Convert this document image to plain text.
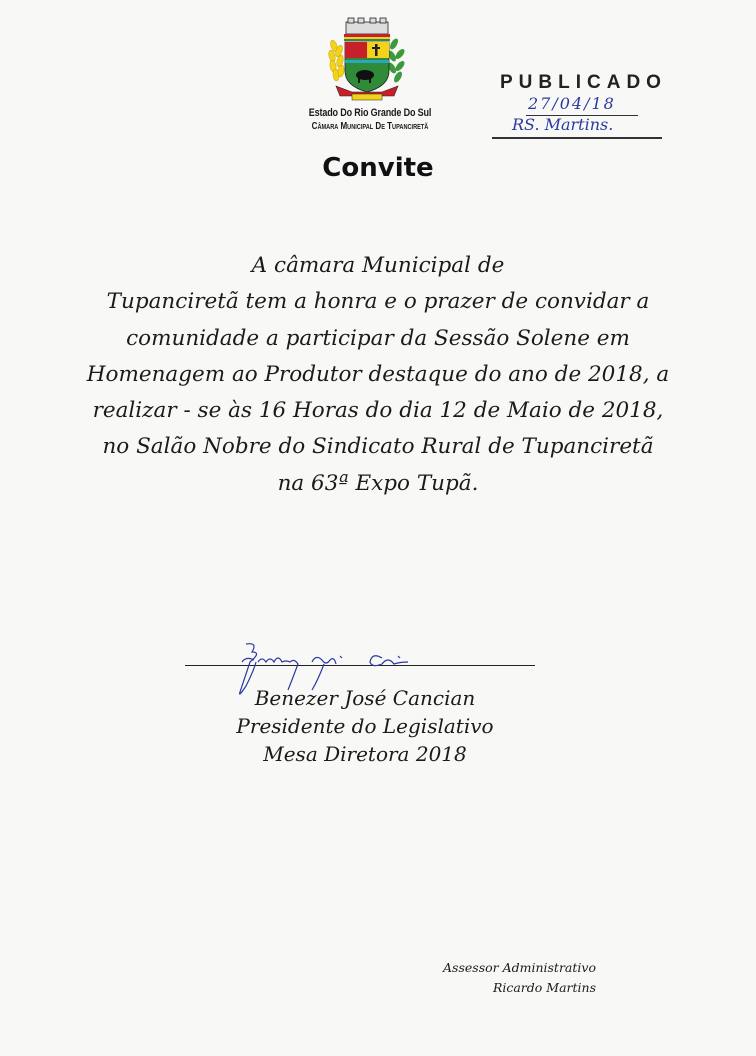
Estado Do Rio Grande Do Sul
Câmara Municipal De Tupanciretã
PUBLICADO
27/04/18
RS. Martins.
Convite
A câmara Municipal de
Tupanciretã tem a honra e o prazer de convidar a
comunidade a participar da Sessão Solene em
Homenagem ao Produtor destaque do ano de 2018, a
realizar - se às 16 Horas do dia 12 de Maio de 2018,
no Salão Nobre do Sindicato Rural de Tupanciretã
na 63ª Expo Tupã.
Benezer José Cancian
Presidente do Legislativo
Mesa Diretora 2018
Assessor Administrativo
Ricardo Martins
